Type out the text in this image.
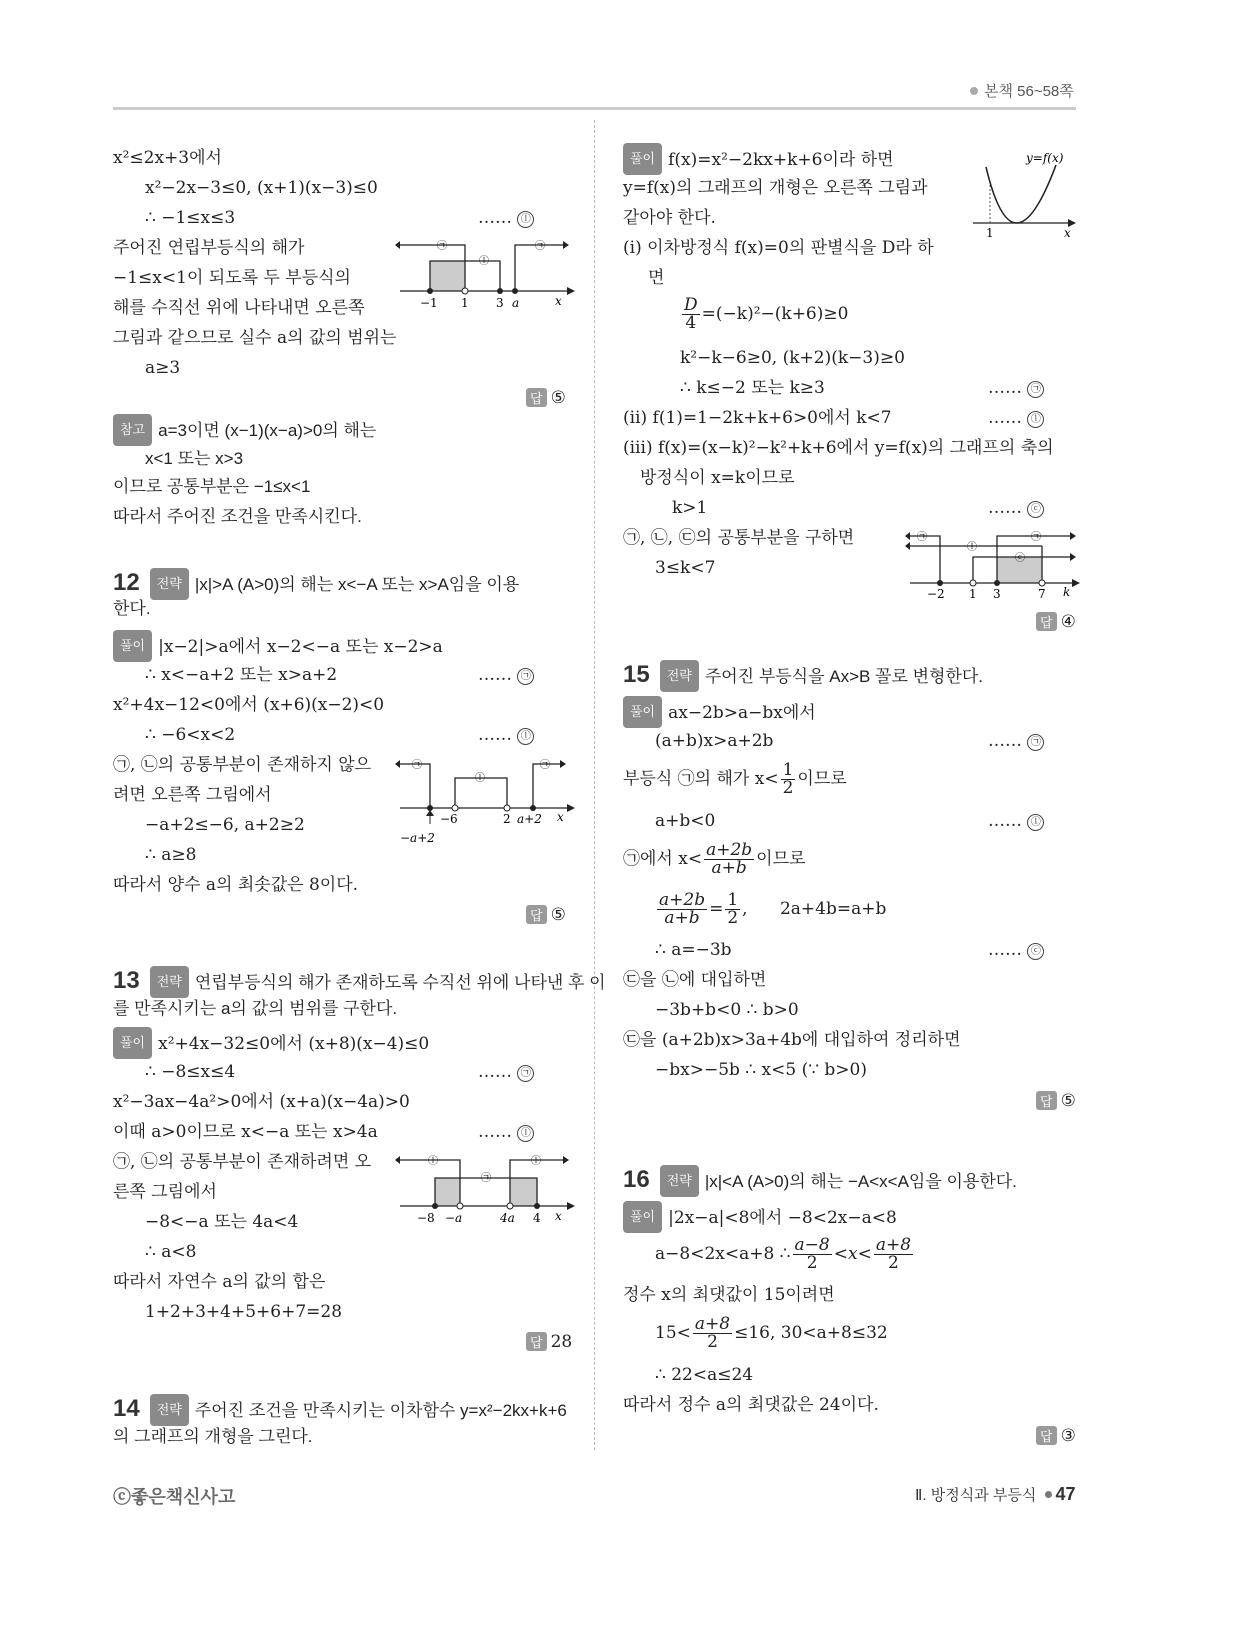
본책 56~58쪽
x²≤2x+3에서
x²−2x−3≤0, (x+1)(x−3)≤0
∴ −1≤x≤3	…… ⓛ
주어진 연립부등식의 해가
−1≤x<1이 되도록 두 부등식의
해를 수직선 위에 나타내면 오른쪽
그림과 같으므로 실수 a의 값의 범위는
a≥3
㉠
ⓛ
㉠
−1 1 3 a	x
답 ⑤
참고 a=3이면 (x−1)(x−a)>0의 해는
x<1 또는 x>3
이므로 공통부분은 −1≤x<1
따라서 주어진 조건을 만족시킨다.
12 전략 |x|>A (A>0)의 해는 x<−A 또는 x>A임을 이용
한다.
풀이 |x−2|>a에서 x−2<−a 또는 x−2>a
∴ x<−a+2 또는 x>a+2	…… ㉠
x²+4x−12<0에서 (x+6)(x−2)<0
∴ −6<x<2	…… ⓛ
㉠, ㉡의 공통부분이 존재하지 않으
려면 오른쪽 그림에서
−a+2≤−6, a+2≥2
∴ a≥8
따라서 양수 a의 최솟값은 8이다.
㉠
ⓛ
㉠
−6	2 a+2 x
−a+2
답 ⑤
13 전략 연립부등식의 해가 존재하도록 수직선 위에 나타낸 후 이
를 만족시키는 a의 값의 범위를 구한다.
풀이 x²+4x−32≤0에서 (x+8)(x−4)≤0
∴ −8≤x≤4	…… ㉠
x²−3ax−4a²>0에서 (x+a)(x−4a)>0
이때 a>0이므로 x<−a 또는 x>4a	…… ⓛ
㉠, ㉡의 공통부분이 존재하려면 오
른쪽 그림에서
−8<−a 또는 4a<4
∴ a<8
따라서 자연수 a의 값의 합은
1+2+3+4+5+6+7=28
ⓛ
㉠
ⓛ
−8 −a	4a 4 x
답 28
14 전략 주어진 조건을 만족시키는 이차함수 y=x²−2kx+k+6
의 그래프의 개형을 그린다.
풀이 f(x)=x²−2kx+k+6이라 하면
y=f(x)의 그래프의 개형은 오른쪽 그림과
같아야 한다.
(ⅰ) 이차방정식 f(x)=0의 판별식을 D라 하
면
y=f(x)
1	x
$\frac{D}{4} =(-k)^2-(k+6)\ge 0$
k²−k−6≥0, (k+2)(k−3)≥0
∴ k≤−2 또는 k≥3	…… ㉠
(ⅱ) f(1)=1−2k+k+6>0에서 k<7	…… ⓛ
(ⅲ) f(x)=(x−k)²−k²+k+6에서 y=f(x)의 그래프의 축의
방정식이 x=k이므로
k>1	…… ⓒ
㉠, ㉡, ㉢의 공통부분을 구하면
3≤k<7
㉠
ⓛ
㉠
ⓒ
−2 1 3	7 k
답 ④
15 전략 주어진 부등식을 Ax>B 꼴로 변형한다.
풀이 ax−2b>a−bx에서
(a+b)x>a+2b	…… ㉠
부등식 ㉠의 해가 $x< \frac{1}{2}$ 이므로
a+b<0	…… ⓛ
㉠에서 $x< \frac{a+2b}{a+b}$ 이므로
$\frac{a+2b}{a+b} = \frac{1}{2}$ ,      2a+4b=a+b
∴ a=−3b	…… ⓒ
㉢을 ㉡에 대입하면
−3b+b<0 ∴ b>0
㉢을 (a+2b)x>3a+4b에 대입하여 정리하면
−bx>−5b ∴ x<5 (∵ b>0)
답 ⑤
16 전략 |x|<A (A>0)의 해는 −A<x<A임을 이용한다.
풀이 |2x−a|<8에서 −8<2x−a<8
a−8<2x<a+8 ∴ $\frac{a-8}{2} <x< \frac{a+8}{2}$
정수 x의 최댓값이 15이려면
$15< \frac{a+8}{2} \le 16$, 30<a+8≤32
∴ 22<a≤24
따라서 정수 a의 최댓값은 24이다.
답 ③
ⓒ좋은책신사고	Ⅱ. 방정식과 부등식 47
